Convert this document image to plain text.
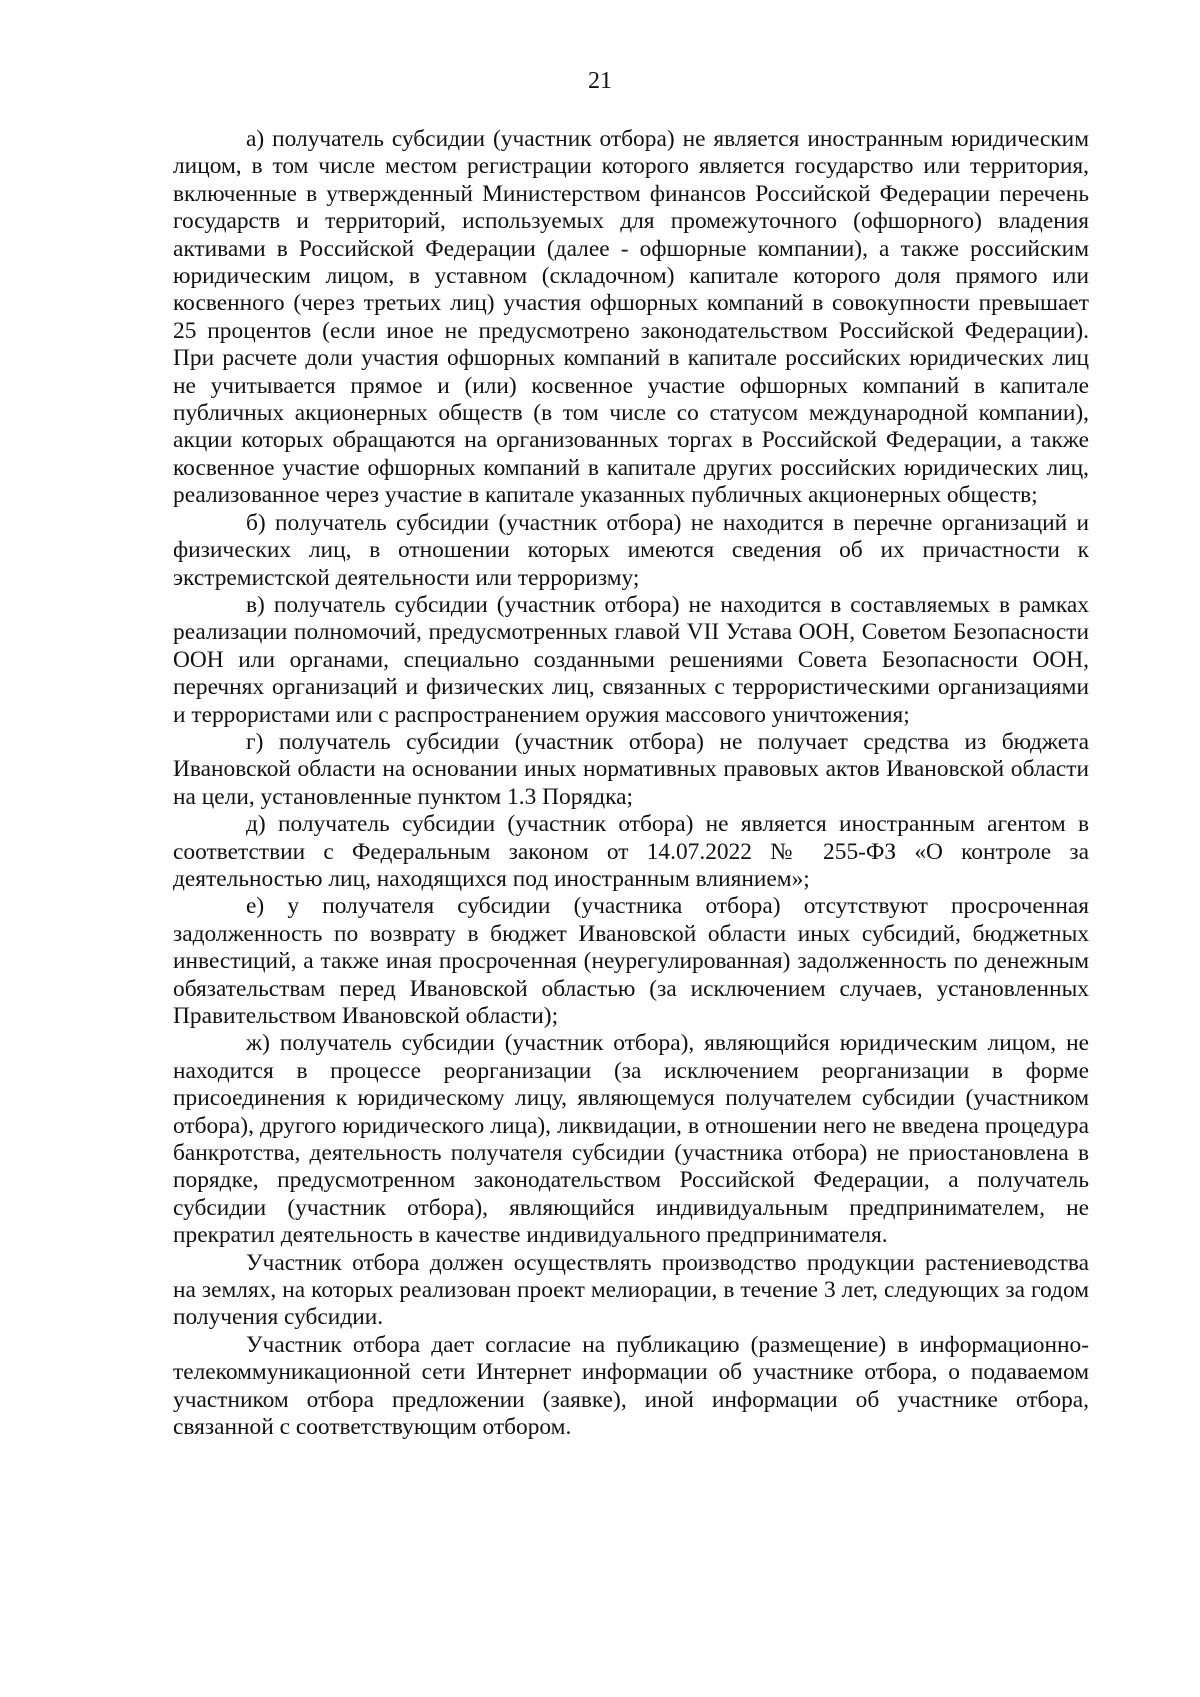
21

а) получатель субсидии (участник отбора) не является иностранным юридическим лицом, в том числе местом регистрации которого является государство или территория, включенные в утвержденный Министерством финансов Российской Федерации перечень государств и территорий, используемых для промежуточного (офшорного) владения активами в Российской Федерации (далее - офшорные компании), а также российским юридическим лицом, в уставном (складочном) капитале которого доля прямого или косвенного (через третьих лиц) участия офшорных компаний в совокупности превышает 25 процентов (если иное не предусмотрено законодательством Российской Федерации). При расчете доли участия офшорных компаний в капитале российских юридических лиц не учитывается прямое и (или) косвенное участие офшорных компаний в капитале публичных акционерных обществ (в том числе со статусом международной компании), акции которых обращаются на организованных торгах в Российской Федерации, а также косвенное участие офшорных компаний в капитале других российских юридических лиц, реализованное через участие в капитале указанных публичных акционерных обществ;

б) получатель субсидии (участник отбора) не находится в перечне организаций и физических лиц, в отношении которых имеются сведения об их причастности к экстремистской деятельности или терроризму;

в) получатель субсидии (участник отбора) не находится в составляемых в рамках реализации полномочий, предусмотренных главой VII Устава ООН, Советом Безопасности ООН или органами, специально созданными решениями Совета Безопасности ООН, перечнях организаций и физических лиц, связанных с террористическими организациями и террористами или с распространением оружия массового уничтожения;

г) получатель субсидии (участник отбора) не получает средства из бюджета Ивановской области на основании иных нормативных правовых актов Ивановской области на цели, установленные пунктом 1.3 Порядка;

д) получатель субсидии (участник отбора) не является иностранным агентом в соответствии с Федеральным законом от 14.07.2022 № 255-ФЗ «О контроле за деятельностью лиц, находящихся под иностранным влиянием»;

е) у получателя субсидии (участника отбора) отсутствуют просроченная задолженность по возврату в бюджет Ивановской области иных субсидий, бюджетных инвестиций, а также иная просроченная (неурегулированная) задолженность по денежным обязательствам перед Ивановской областью (за исключением случаев, установленных Правительством Ивановской области);

ж) получатель субсидии (участник отбора), являющийся юридическим лицом, не находится в процессе реорганизации (за исключением реорганизации в форме присоединения к юридическому лицу, являющемуся получателем субсидии (участником отбора), другого юридического лица), ликвидации, в отношении него не введена процедура банкротства, деятельность получателя субсидии (участника отбора) не приостановлена в порядке, предусмотренном законодательством Российской Федерации, а получатель субсидии (участник отбора), являющийся индивидуальным предпринимателем, не прекратил деятельность в качестве индивидуального предпринимателя.

Участник отбора должен осуществлять производство продукции растениеводства на землях, на которых реализован проект мелиорации, в течение 3 лет, следующих за годом получения субсидии.

Участник отбора дает согласие на публикацию (размещение) в информационно-телекоммуникационной сети Интернет информации об участнике отбора, о подаваемом участником отбора предложении (заявке), иной информации об участнике отбора, связанной с соответствующим отбором.
